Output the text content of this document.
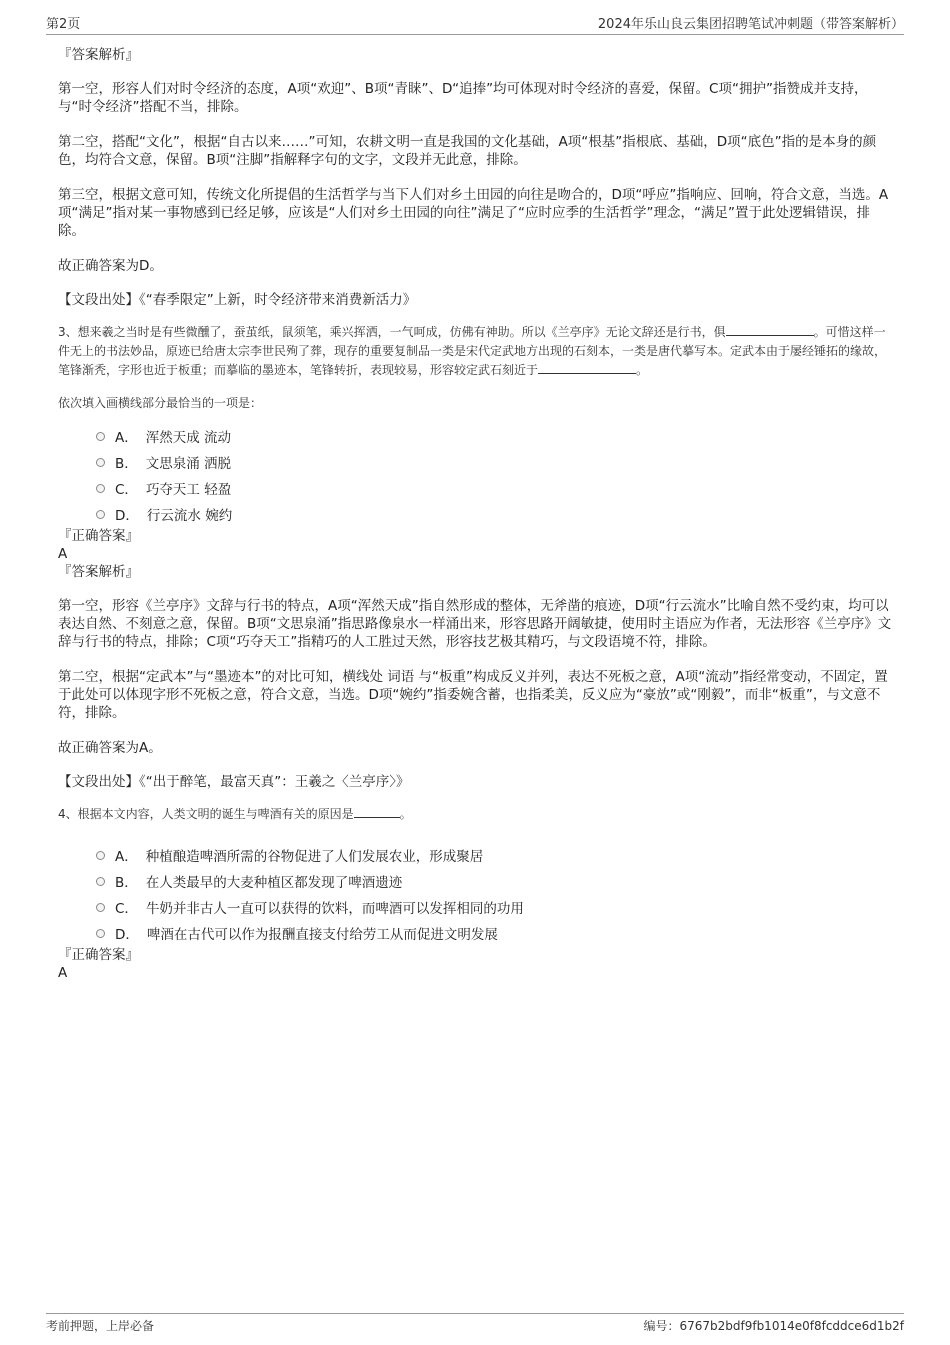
第2页	2024年乐山良云集团招聘笔试冲刺题（带答案解析）
『答案解析』

第一空，形容人们对时令经济的态度，A项“欢迎”、B项“青睐”、D“追捧”均可体现对时令经济的喜爱，保留。C项“拥护”指赞成并支持，与“时令经济”搭配不当，排除。

第二空，搭配“文化”，根据“自古以来……”可知，农耕文明一直是我国的文化基础，A项“根基”指根底、基础，D项“底色”指的是本身的颜色，均符合文意，保留。B项“注脚”指解释字句的文字，文段并无此意，排除。

第三空，根据文意可知，传统文化所提倡的生活哲学与当下人们对乡土田园的向往是吻合的，D项“呼应”指响应、回响，符合文意，当选。A项“满足”指对某一事物感到已经足够，应该是“人们对乡土田园的向往”满足了“应时应季的生活哲学”理念，“满足”置于此处逻辑错误，排除。

故正确答案为D。

【文段出处】《“春季限定”上新，时令经济带来消费新活力》

3、想来羲之当时是有些微醺了，蚕茧纸，鼠须笔，乘兴挥洒，一气呵成，仿佛有神助。所以《兰亭序》无论文辞还是行书，俱	。可惜这样一件无上的书法妙品，原迹已给唐太宗李世民殉了葬，现存的重要复制品一类是宋代定武地方出现的石刻本，一类是唐代摹写本。定武本由于屡经锤拓的缘故，笔锋渐秃，字形也近于板重；而摹临的墨迹本，笔锋转折，表现较易，形容较定武石刻近于	。

依次填入画横线部分最恰当的一项是：

A． 浑然天成 流动
B． 文思泉涌 洒脱
C． 巧夺天工 轻盈
D． 行云流水 婉约
『正确答案』
A
『答案解析』

第一空，形容《兰亭序》文辞与行书的特点，A项“浑然天成”指自然形成的整体，无斧凿的痕迹，D项“行云流水”比喻自然不受约束，均可以表达自然、不刻意之意，保留。B项“文思泉涌”指思路像泉水一样涌出来，形容思路开阔敏捷，使用时主语应为作者，无法形容《兰亭序》文辞与行书的特点，排除；C项“巧夺天工”指精巧的人工胜过天然，形容技艺极其精巧，与文段语境不符，排除。

第二空，根据“定武本”与“墨迹本”的对比可知，横线处 词语 与“板重”构成反义并列，表达不死板之意，A项“流动”指经常变动，不固定，置于此处可以体现字形不死板之意，符合文意，当选。D项“婉约”指委婉含蓄，也指柔美，反义应为“豪放”或“刚毅”，而非“板重”，与文意不符，排除。

故正确答案为A。

【文段出处】《“出于醉笔，最富天真”：王羲之〈兰亭序〉》

4、根据本文内容，人类文明的诞生与啤酒有关的原因是	。

A． 种植酿造啤酒所需的谷物促进了人们发展农业，形成聚居
B． 在人类最早的大麦种植区都发现了啤酒遗迹
C． 牛奶并非古人一直可以获得的饮料，而啤酒可以发挥相同的功用
D． 啤酒在古代可以作为报酬直接支付给劳工从而促进文明发展
『正确答案』
A
考前押题，上岸必备	编号：6767b2bdf9fb1014e0f8fcddce6d1b2f
